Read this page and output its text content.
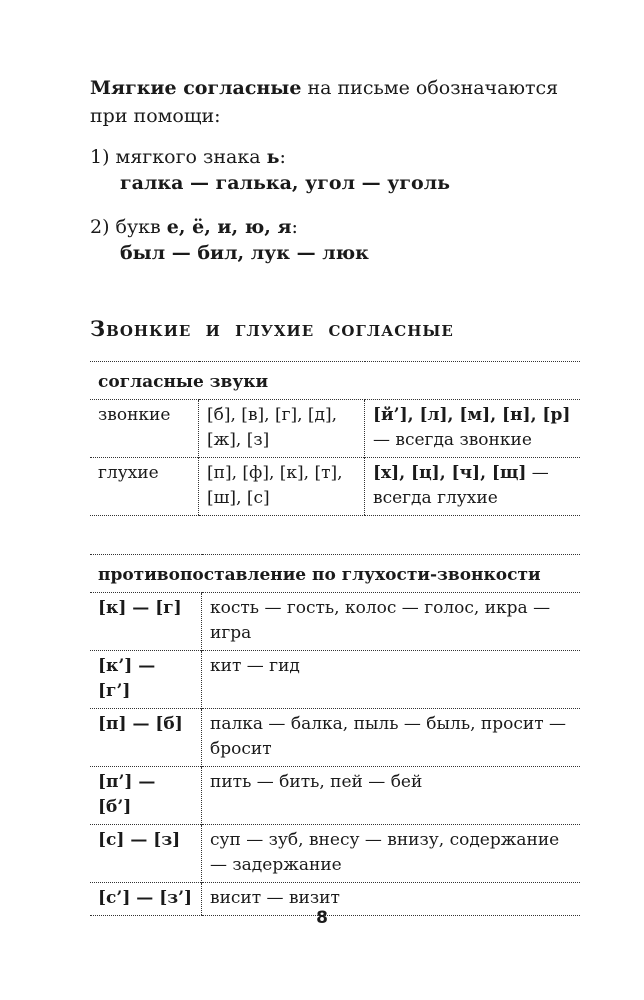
Мягкие согласные на письме обозначаются при помощи:
1) мягкого знака ь:
галка — галька, угол — уголь
2) букв е, ё, и, ю, я:
был — бил, лук — люк
Звонкие и глухие согласные
согласные звуки		
звонкие	[б], [в], [г], [д], [ж], [з]	[й’], [л], [м], [н], [р] — всегда звонкие
глухие	[п], [ф], [к], [т], [ш], [с]	[х], [ц], [ч], [щ] — всегда глухие
противопоставление по глухости-звонкости	
[к] — [г]	кость — гость, колос — голос, икра — игра
[к’] — [г’]	кит — гид
[п] — [б]	палка — балка, пыль — быль, просит — бросит
[п’] — [б’]	пить — бить, пей — бей
[с] — [з]	суп — зуб, внесу — внизу, содержание — задержание
[с’] — [з’]	висит — визит
8
